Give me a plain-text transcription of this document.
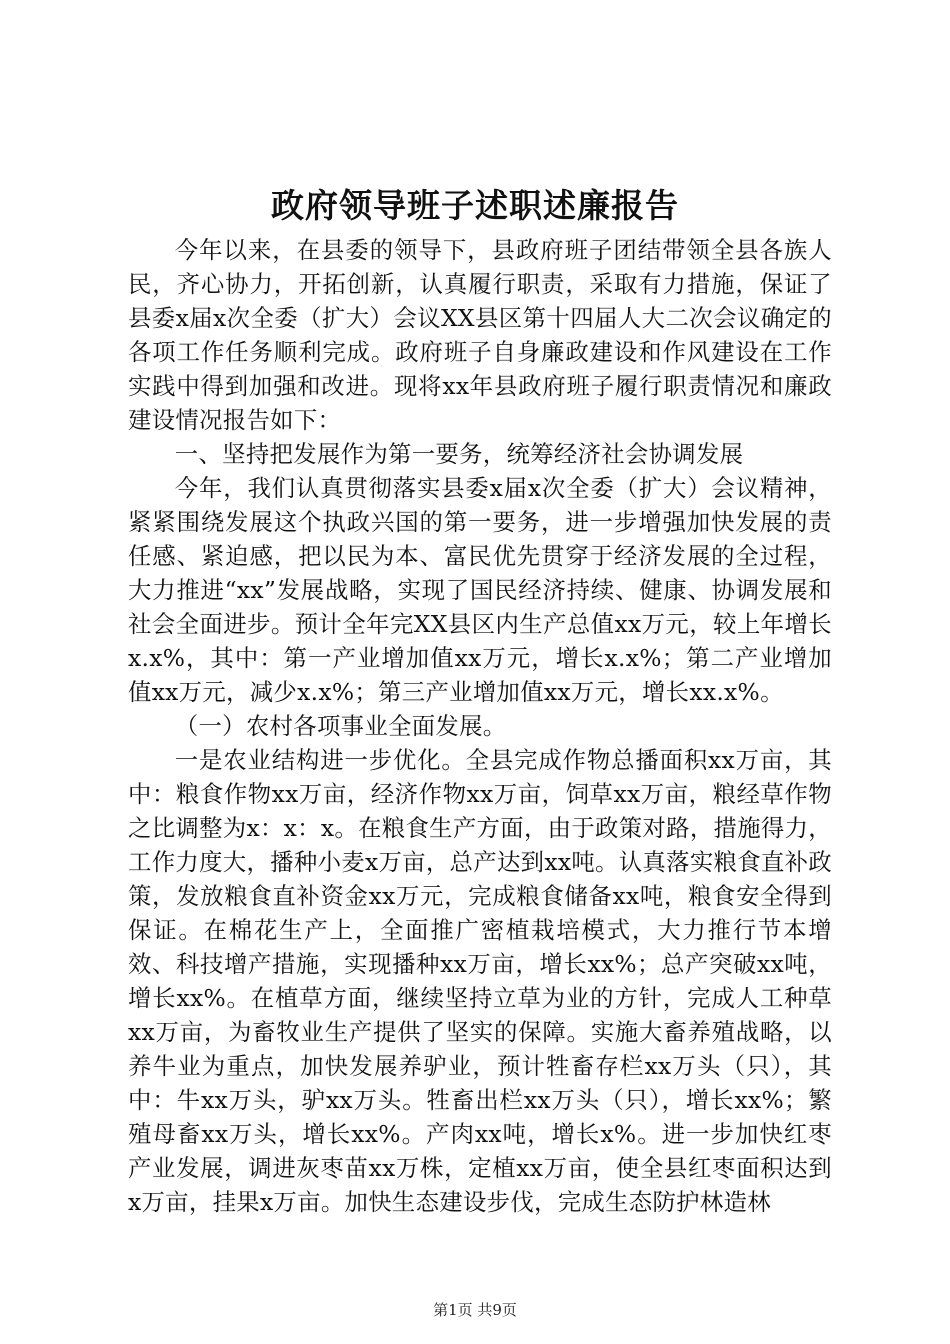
政府领导班子述职述廉报告

今年以来，在县委的领导下，县政府班子团结带领全县各族人民，齐心协力，开拓创新，认真履行职责，采取有力措施，保证了县委x届x次全委（扩大）会议XX县区第十四届人大二次会议确定的各项工作任务顺利完成。政府班子自身廉政建设和作风建设在工作实践中得到加强和改进。现将xx年县政府班子履行职责情况和廉政建设情况报告如下：

一、坚持把发展作为第一要务，统筹经济社会协调发展

今年，我们认真贯彻落实县委x届x次全委（扩大）会议精神，紧紧围绕发展这个执政兴国的第一要务，进一步增强加快发展的责任感、紧迫感，把以民为本、富民优先贯穿于经济发展的全过程，大力推进“xx”发展战略，实现了国民经济持续、健康、协调发展和社会全面进步。预计全年完XX县区内生产总值xx万元，较上年增长x.x%，其中：第一产业增加值xx万元，增长x.x%；第二产业增加值xx万元，减少x.x%；第三产业增加值xx万元，增长xx.x%。

（一）农村各项事业全面发展。

一是农业结构进一步优化。全县完成作物总播面积xx万亩，其中：粮食作物xx万亩，经济作物xx万亩，饲草xx万亩，粮经草作物之比调整为x：x：x。在粮食生产方面，由于政策对路，措施得力，工作力度大，播种小麦x万亩，总产达到xx吨。认真落实粮食直补政策，发放粮食直补资金xx万元，完成粮食储备xx吨，粮食安全得到保证。在棉花生产上，全面推广密植栽培模式，大力推行节本增效、科技增产措施，实现播种xx万亩，增长xx%；总产突破xx吨，增长xx%。在植草方面，继续坚持立草为业的方针，完成人工种草xx万亩，为畜牧业生产提供了坚实的保障。实施大畜养殖战略，以养牛业为重点，加快发展养驴业，预计牲畜存栏xx万头（只），其中：牛xx万头，驴xx万头。牲畜出栏xx万头（只），增长xx%；繁殖母畜xx万头，增长xx%。产肉xx吨，增长x%。进一步加快红枣产业发展，调进灰枣苗xx万株，定植xx万亩，使全县红枣面积达到x万亩，挂果x万亩。加快生态建设步伐，完成生态防护林造林

第1页 共9页
